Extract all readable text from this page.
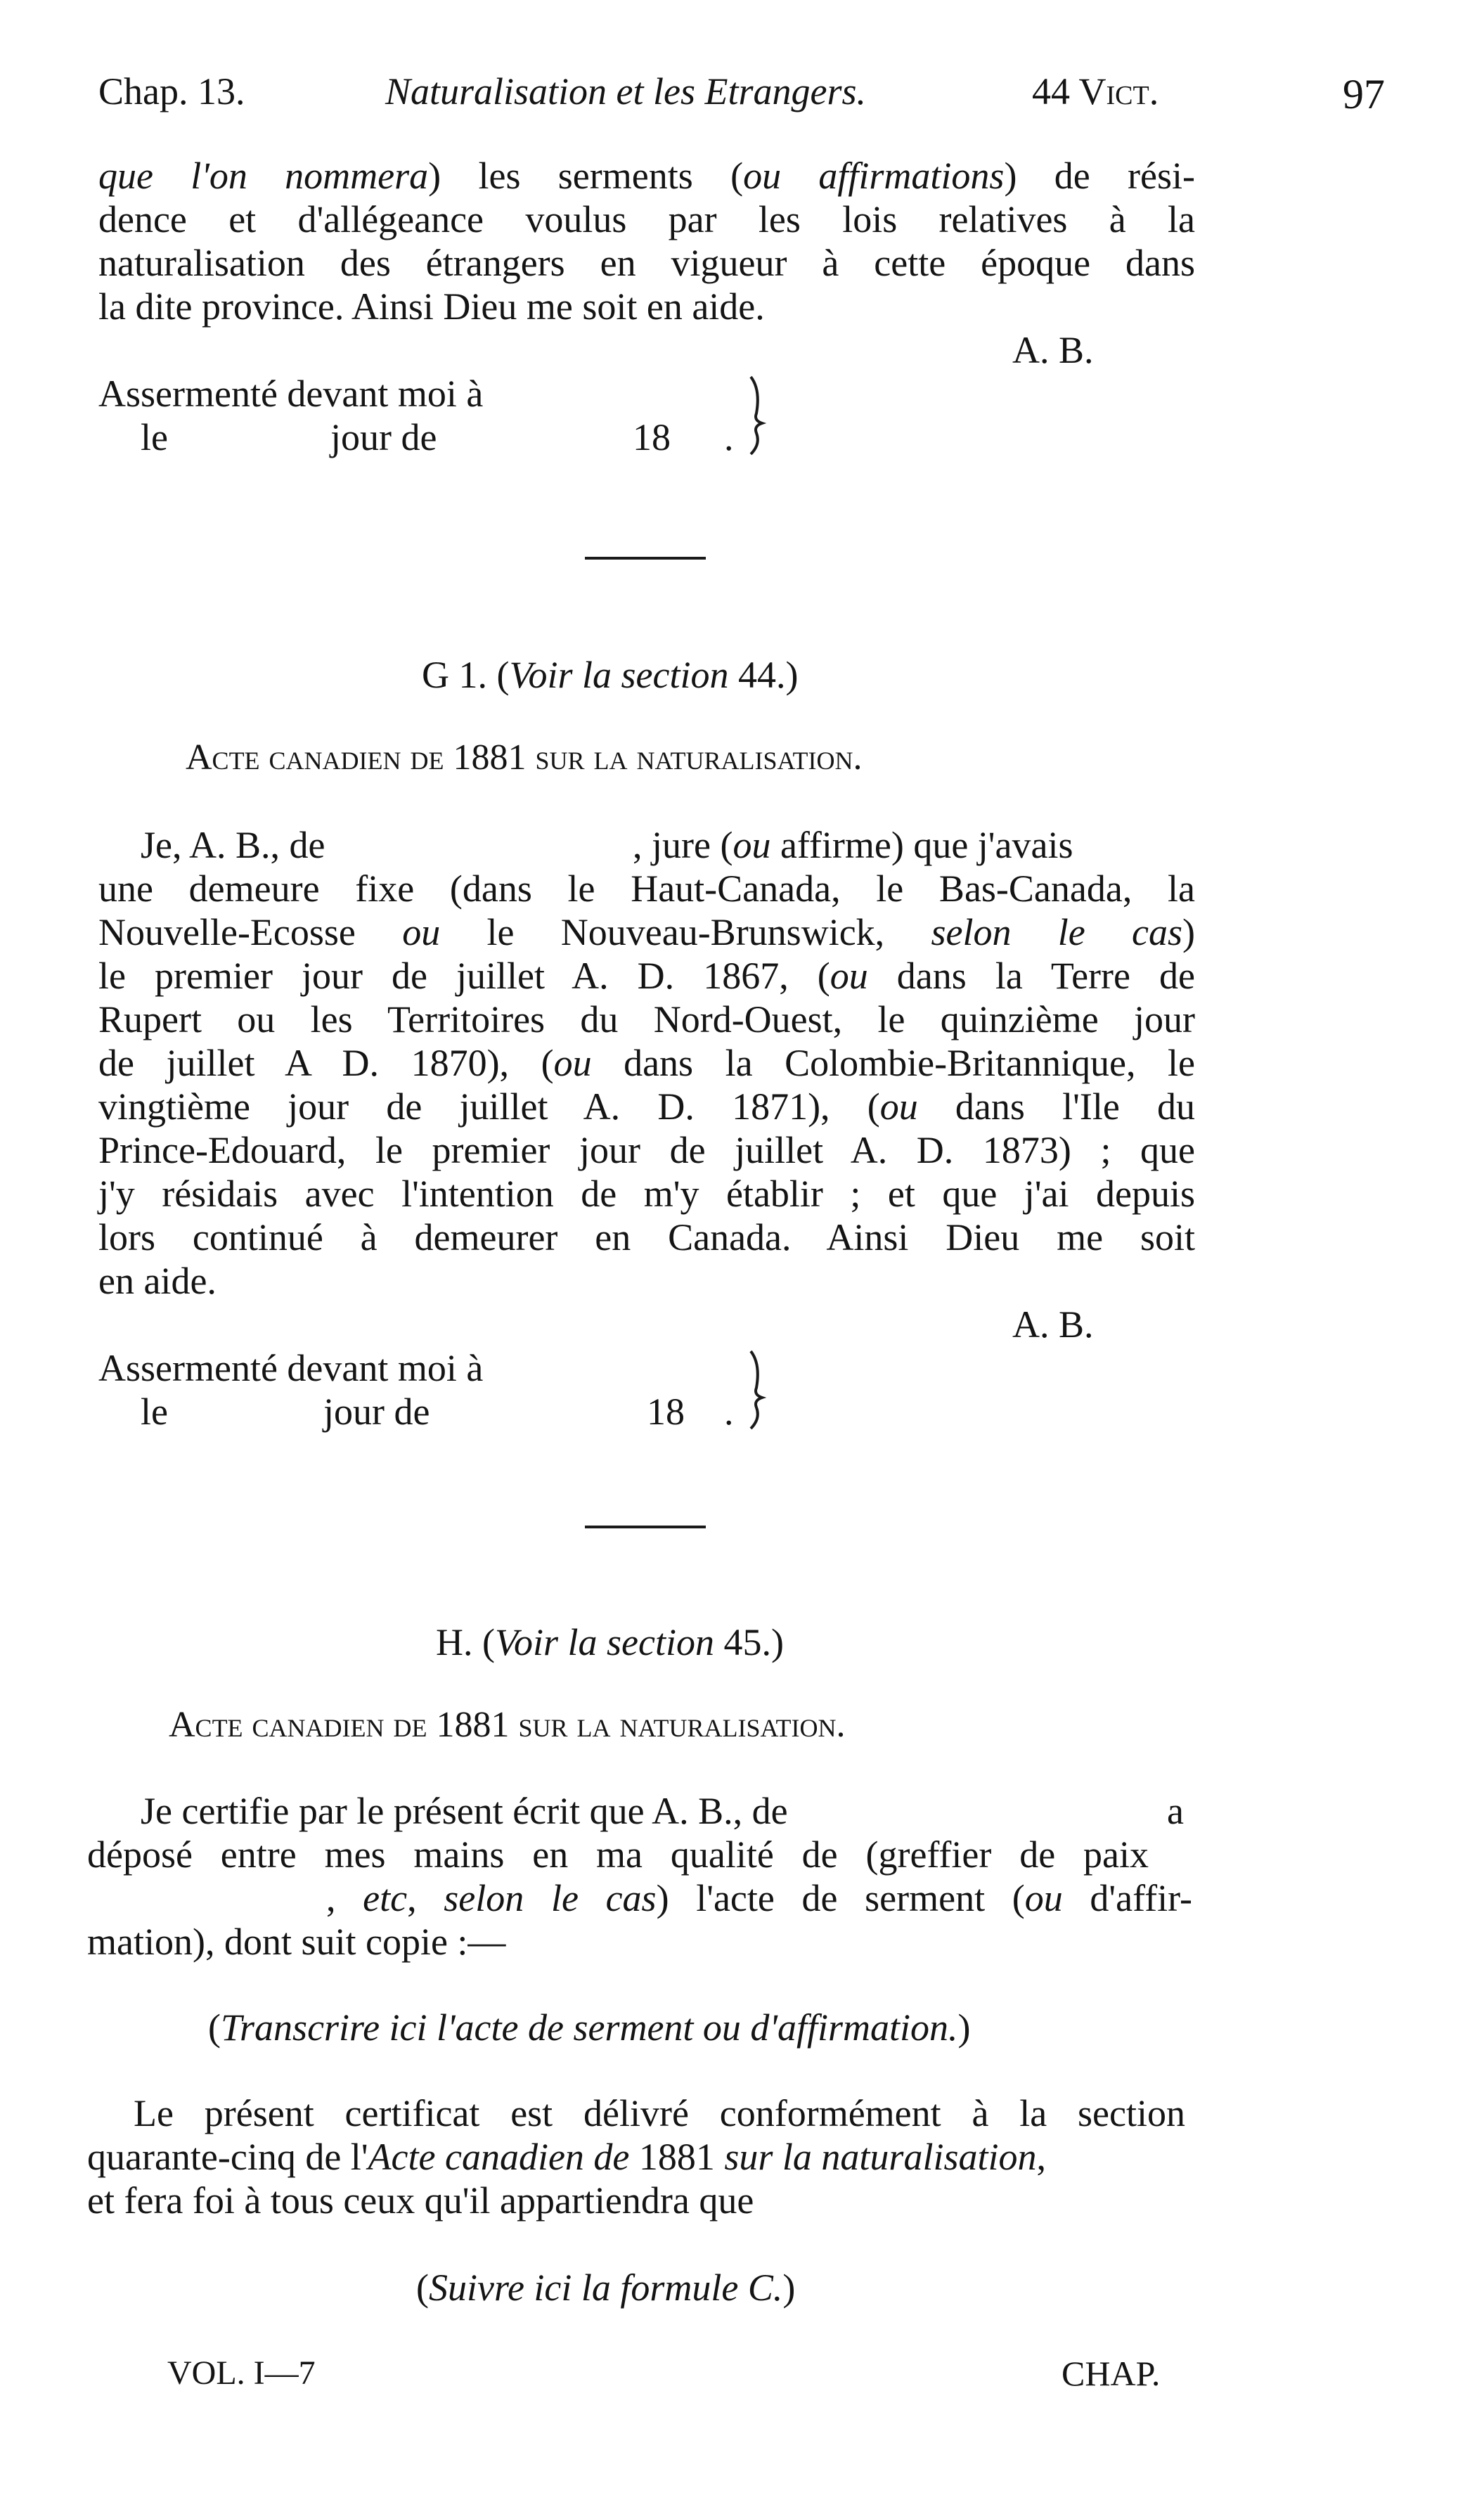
Chap. 13.	Naturalisation et les Etrangers.	44 Vict.	97
que l'on nommera) les serments (ou affirmations) de rési-
dence et d'allégeance voulus par les lois relatives à la
naturalisation des étrangers en vigueur à cette époque dans
la dite province. Ainsi Dieu me soit en aide.
A. B.
Assermenté devant moi à
le	jour de	18 .
G 1. (Voir la section 44.)
Acte canadien de 1881 sur la naturalisation.
Je, A. B., de	, jure (ou affirme) que j'avais
une demeure fixe (dans le Haut-Canada, le Bas-Canada, la
Nouvelle-Ecosse ou le Nouveau-Brunswick, selon le cas)
le premier jour de juillet A. D. 1867, (ou dans la Terre de
Rupert ou les Territoires du Nord-Ouest, le quinzième jour
de juillet A D. 1870), (ou dans la Colombie-Britannique, le
vingtième jour de juillet A. D. 1871), (ou dans l'Ile du
Prince-Edouard, le premier jour de juillet A. D. 1873) ; que
j'y résidais avec l'intention de m'y établir ; et que j'ai depuis
lors continué à demeurer en Canada. Ainsi Dieu me soit
en aide.
A. B.
Assermenté devant moi à
le	jour de	18 .
H. (Voir la section 45.)
Acte canadien de 1881 sur la naturalisation.
Je certifie par le présent écrit que A. B., de	a
déposé entre mes mains en ma qualité de (greffier de paix
, etc, selon le cas) l'acte de serment (ou d'affir-
mation), dont suit copie :—
(Transcrire ici l'acte de serment ou d'affirmation.)
Le présent certificat est délivré conformément à la section
quarante-cinq de l'Acte canadien de 1881 sur la naturalisation,
et fera foi à tous ceux qu'il appartiendra que
(Suivre ici la formule C.)
VOL. I—7	CHAP.
